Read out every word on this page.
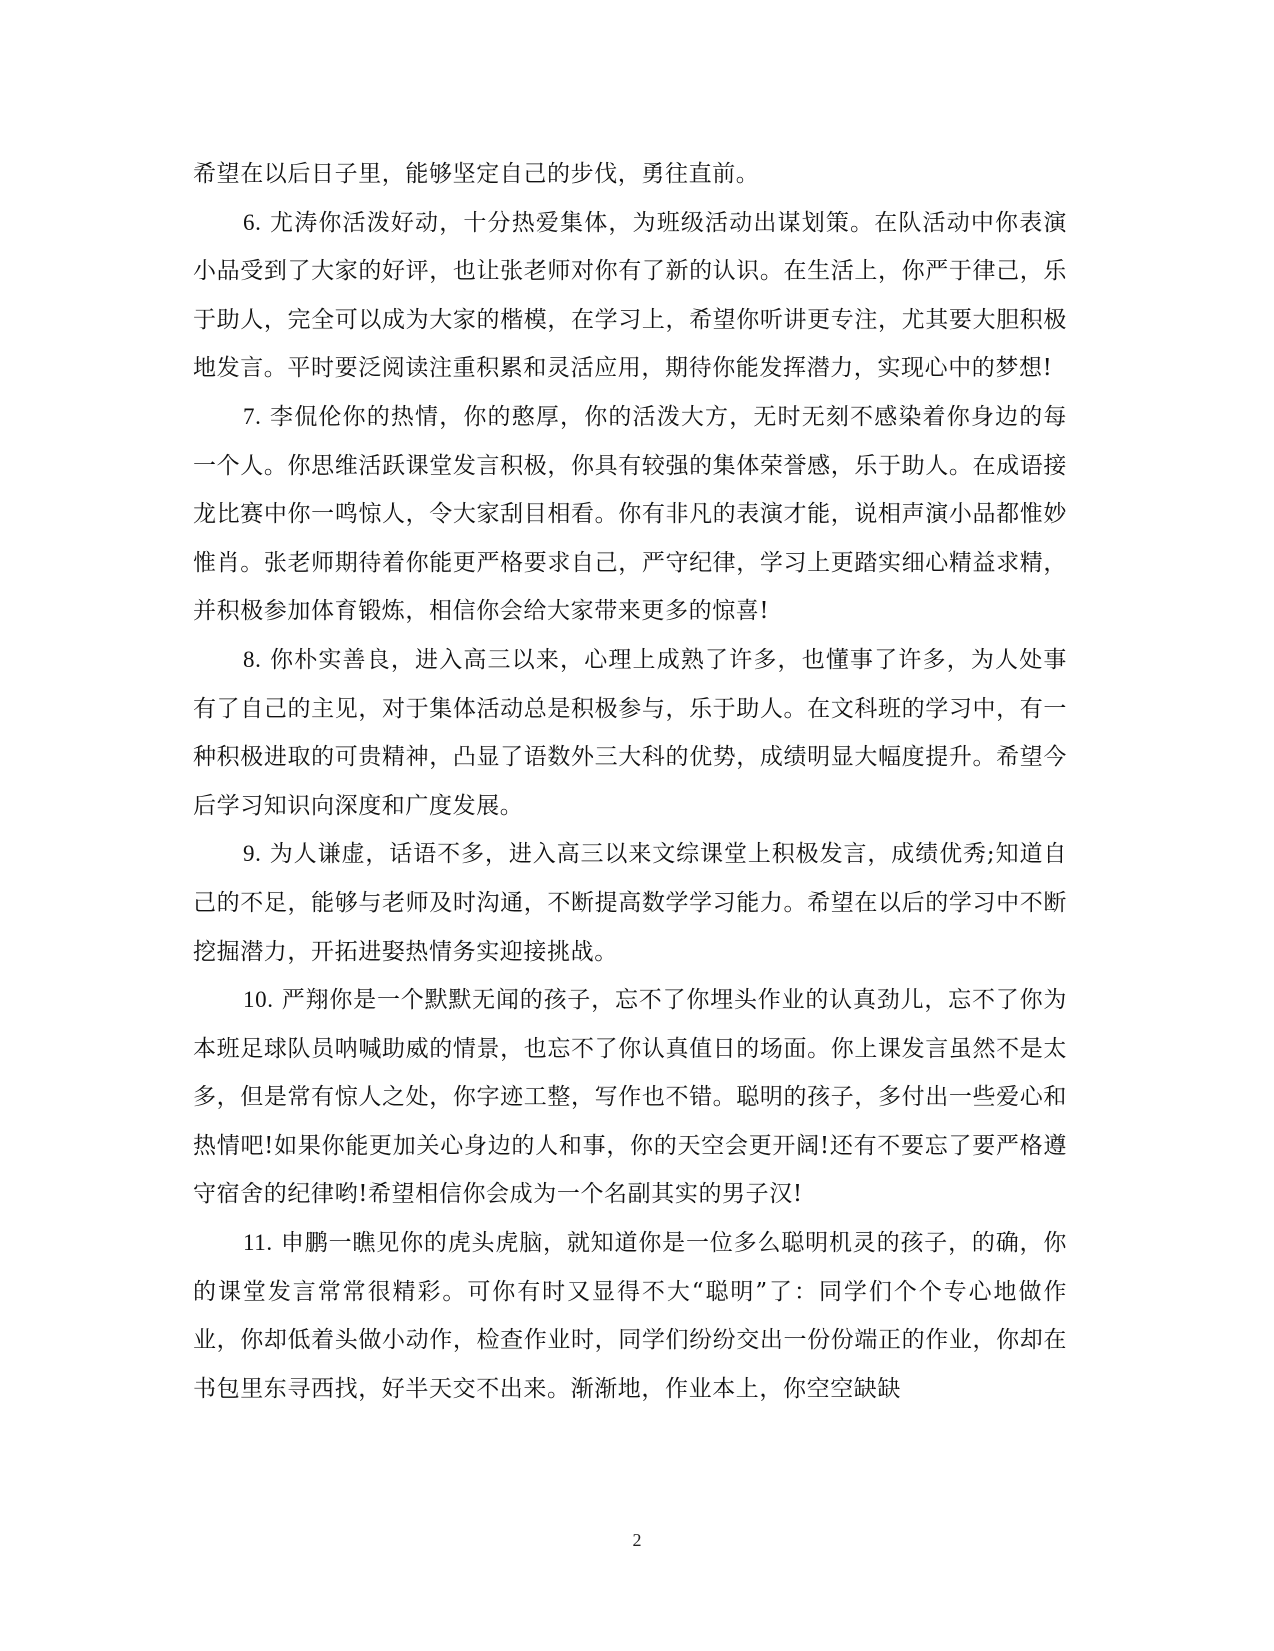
希望在以后日子里，能够坚定自己的步伐，勇往直前。

6. 尤涛你活泼好动，十分热爱集体，为班级活动出谋划策。在队活动中你表演小品受到了大家的好评，也让张老师对你有了新的认识。在生活上，你严于律己，乐于助人，完全可以成为大家的楷模，在学习上，希望你听讲更专注，尤其要大胆积极地发言。平时要泛阅读注重积累和灵活应用，期待你能发挥潜力，实现心中的梦想!

7. 李侃伦你的热情，你的憨厚，你的活泼大方，无时无刻不感染着你身边的每一个人。你思维活跃课堂发言积极，你具有较强的集体荣誉感，乐于助人。在成语接龙比赛中你一鸣惊人，令大家刮目相看。你有非凡的表演才能，说相声演小品都惟妙惟肖。张老师期待着你能更严格要求自己，严守纪律，学习上更踏实细心精益求精，并积极参加体育锻炼，相信你会给大家带来更多的惊喜!

8. 你朴实善良，进入高三以来，心理上成熟了许多，也懂事了许多，为人处事有了自己的主见，对于集体活动总是积极参与，乐于助人。在文科班的学习中，有一种积极进取的可贵精神，凸显了语数外三大科的优势，成绩明显大幅度提升。希望今后学习知识向深度和广度发展。

9. 为人谦虚，话语不多，进入高三以来文综课堂上积极发言，成绩优秀;知道自己的不足，能够与老师及时沟通，不断提高数学学习能力。希望在以后的学习中不断挖掘潜力，开拓进娶热情务实迎接挑战。

10. 严翔你是一个默默无闻的孩子，忘不了你埋头作业的认真劲儿，忘不了你为本班足球队员呐喊助威的情景，也忘不了你认真值日的场面。你上课发言虽然不是太多，但是常有惊人之处，你字迹工整，写作也不错。聪明的孩子，多付出一些爱心和热情吧!如果你能更加关心身边的人和事，你的天空会更开阔!还有不要忘了要严格遵守宿舍的纪律哟!希望相信你会成为一个名副其实的男子汉!

11. 申鹏一瞧见你的虎头虎脑，就知道你是一位多么聪明机灵的孩子，的确，你的课堂发言常常很精彩。可你有时又显得不大“聪明”了：同学们个个专心地做作业，你却低着头做小动作，检查作业时，同学们纷纷交出一份份端正的作业，你却在书包里东寻西找，好半天交不出来。渐渐地，作业本上，你空空缺缺

2
